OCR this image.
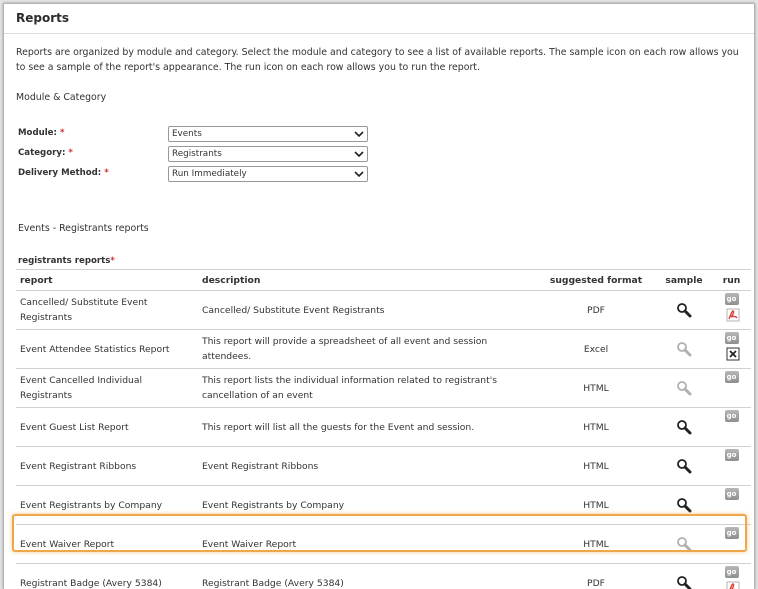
Reports
Reports are organized by module and category. Select the module and category to see a list of available reports. The sample icon on each row allows you to see a sample of the report's appearance. The run icon on each row allows you to run the report.
Module & Category
Module: *	Events
Category: *	Registrants
Delivery Method: *	Run Immediately
Events - Registrants reports
registrants reports*
report	description	suggested format	sample	run
Cancelled/ Substitute Event Registrants	Cancelled/ Substitute Event Registrants	PDF		go
Event Attendee Statistics Report	This report will provide a spreadsheet of all event and session attendees.	Excel		go
Event Cancelled Individual Registrants	This report lists the individual information related to registrant's cancellation of an event	HTML		go
Event Guest List Report	This report will list all the guests for the Event and session.	HTML		go
Event Registrant Ribbons	Event Registrant Ribbons	HTML		go
Event Registrants by Company	Event Registrants by Company	HTML		go
Event Waiver Report	Event Waiver Report	HTML		go
Registrant Badge (Avery 5384)	Registrant Badge (Avery 5384)	PDF		go
